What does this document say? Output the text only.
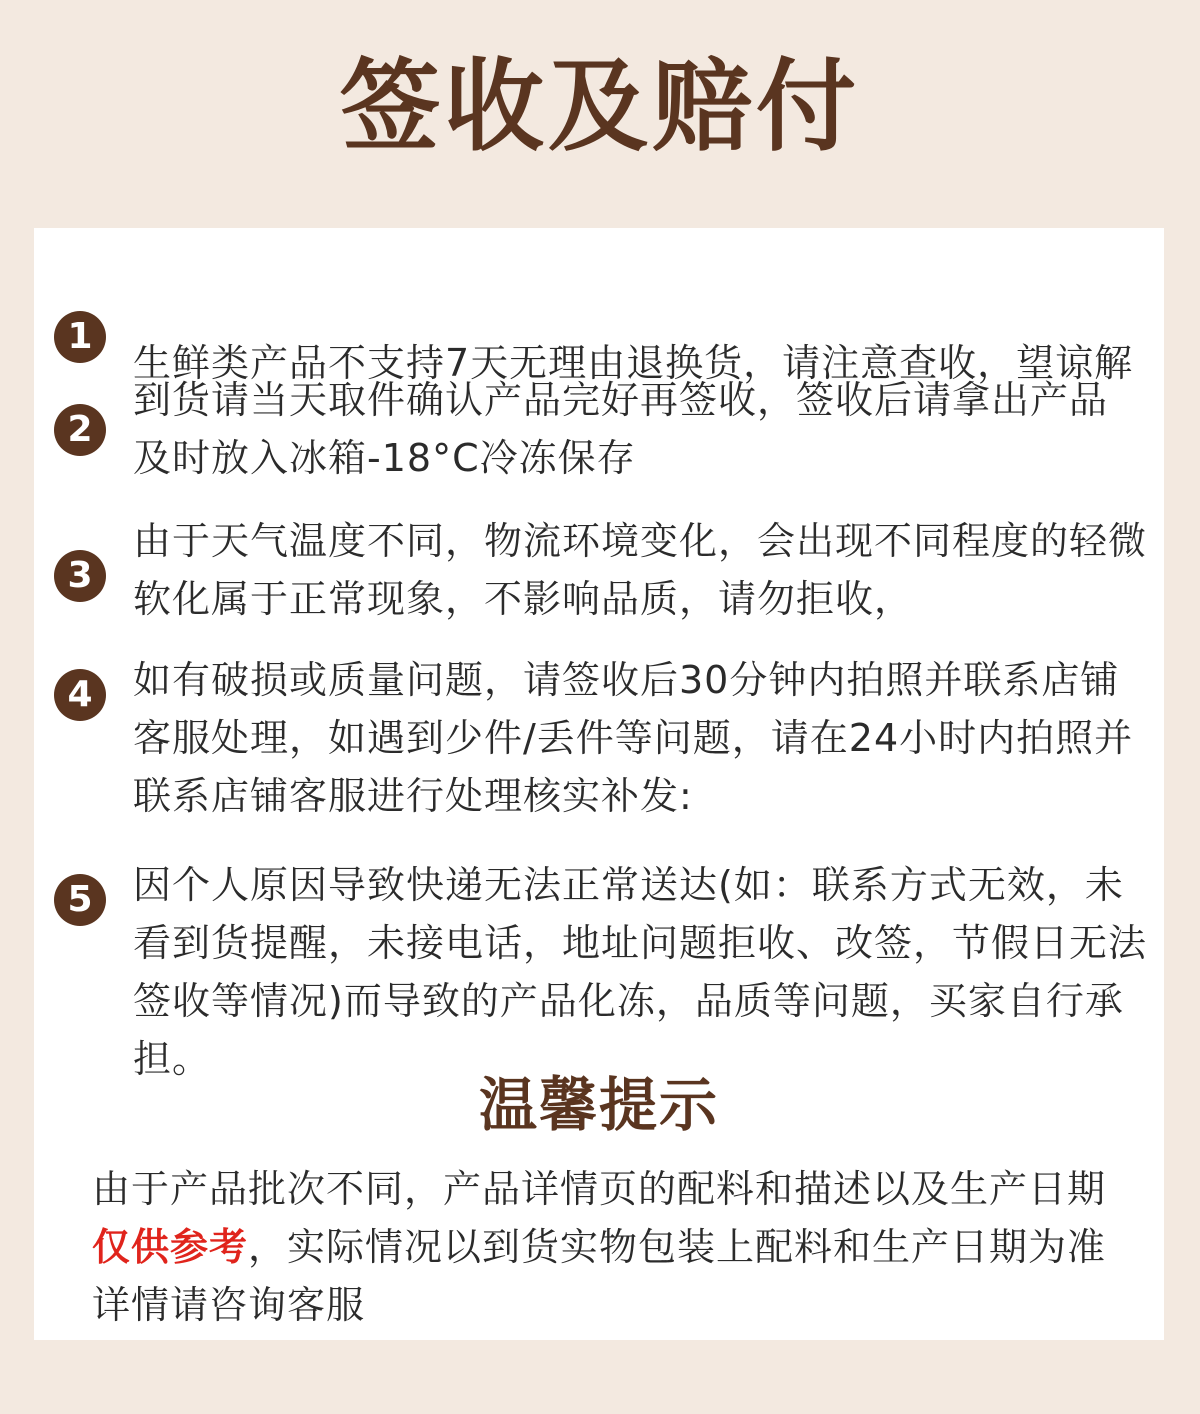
签收及赔付
1

生鲜类产品不支持7天无理由退换货，请注意查收，望谅解

2

到货请当天取件确认产品完好再签收，签收后请拿出产品
及时放入冰箱-18°C冷冻保存

3

由于天气温度不同，物流环境变化，会出现不同程度的轻微
软化属于正常现象，不影响品质，请勿拒收，

4	如有破损或质量问题，请签收后30分钟内拍照并联系店铺
客服处理，如遇到少件/丢件等问题，请在24小时内拍照并
联系店铺客服进行处理核实补发:

5	因个人原因导致快递无法正常送达(如：联系方式无效，未
看到货提醒，未接电话，地址问题拒收、改签，节假日无法
签收等情况)而导致的产品化冻，品质等问题，买家自行承
担。

温馨提示

由于产品批次不同，产品详情页的配料和描述以及生产日期
仅供参考，实际情况以到货实物包装上配料和生产日期为准
详情请咨询客服
